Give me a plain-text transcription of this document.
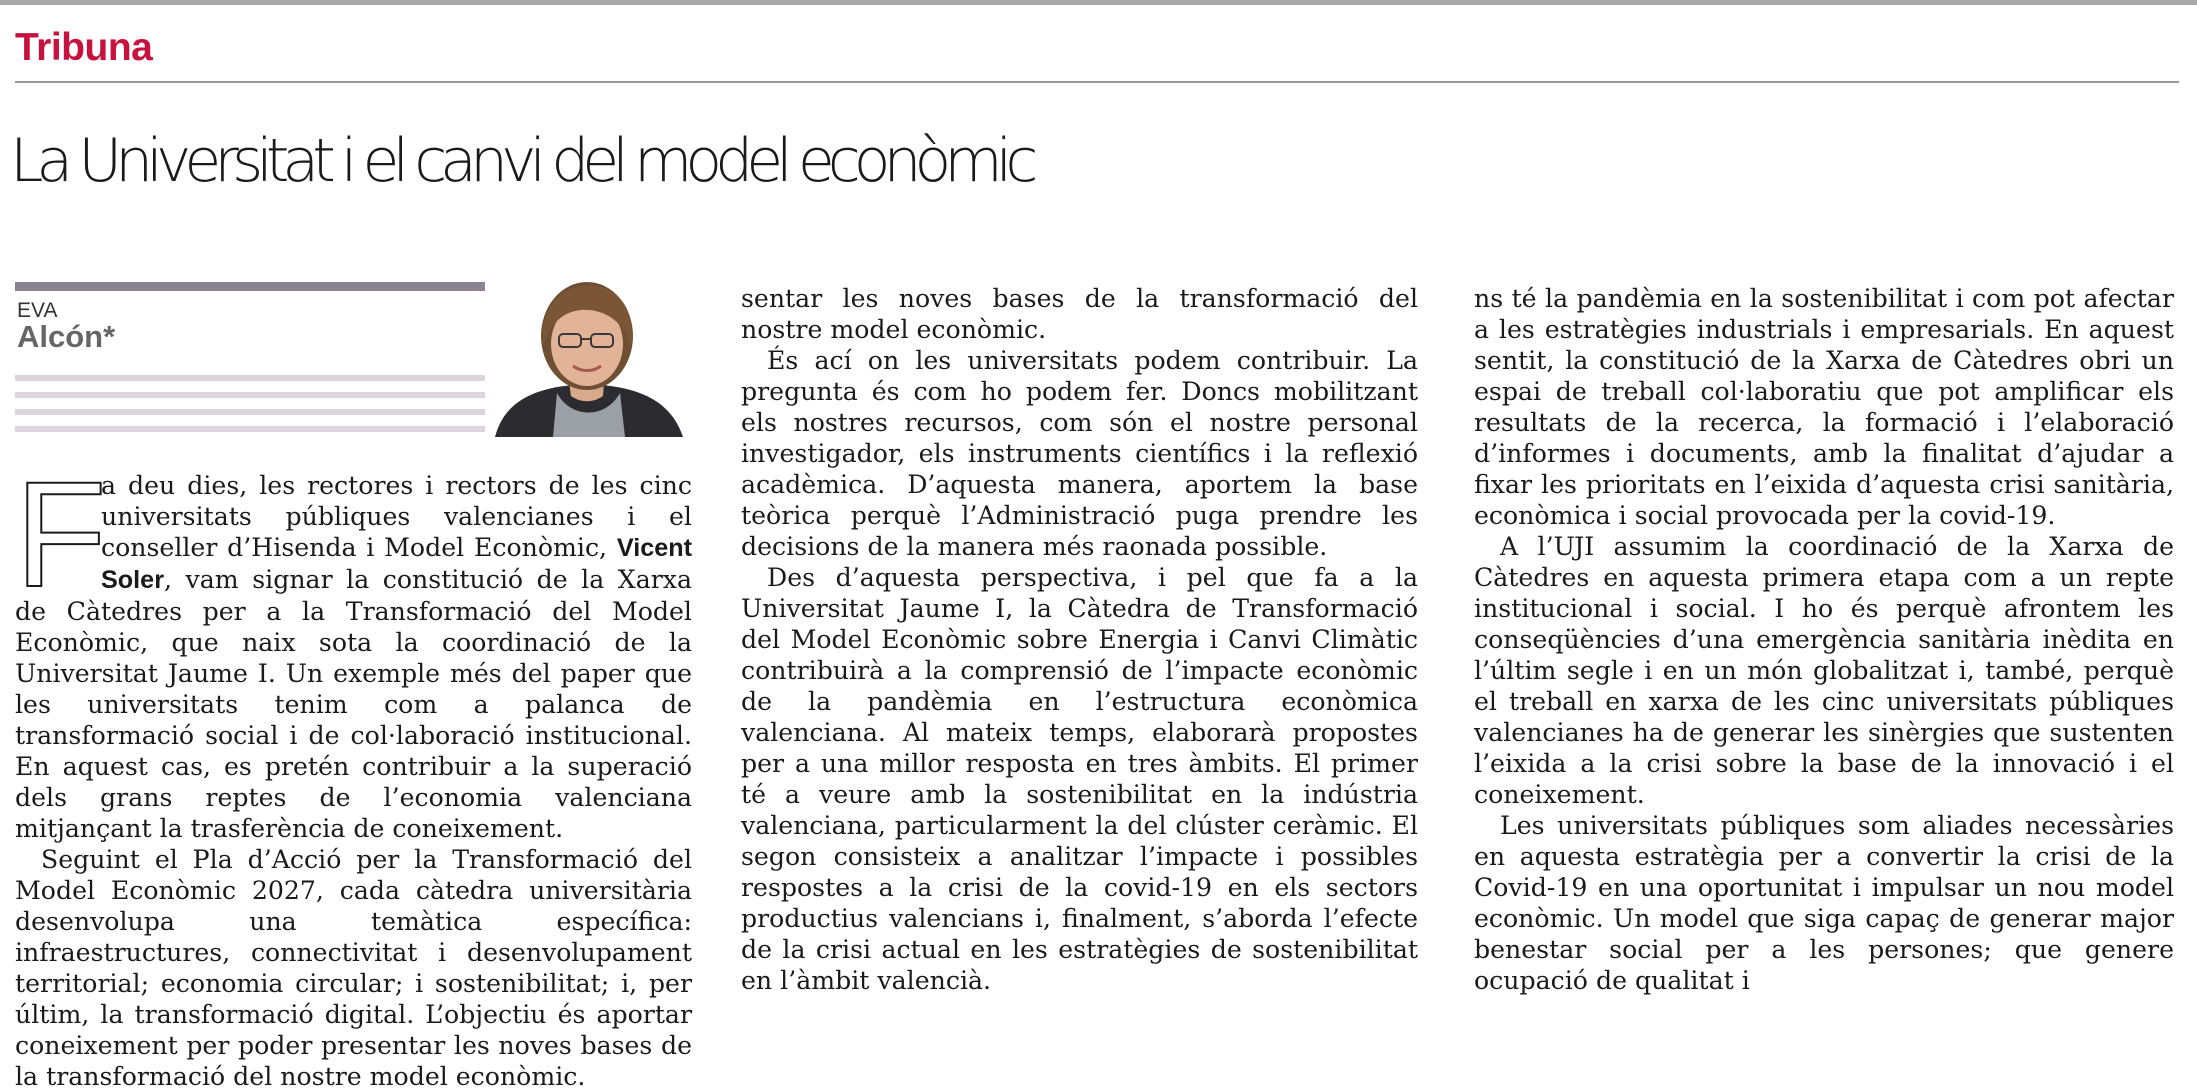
Tribuna
La Universitat i el canvi del model econòmic
EVA
Alcón*

F
a deu dies, les rectores i rectors de les cinc universitats públiques valencianes i el conseller d’Hisenda i Model Econòmic, Vicent Soler, vam signar la constitució de la Xarxa de Càtedres per a la Transformació del Model Econòmic, que naix sota la coordinació de la Universitat Jaume I. Un exemple més del paper que les universitats tenim com a palanca de transformació social i de col·laboració institucional. En aquest cas, es pretén contribuir a la superació dels grans reptes de l’economia valenciana mitjançant la trasferència de coneixement.

Seguint el Pla d’Acció per la Transformació del Model Econòmic 2027, cada càtedra universitària desenvolupa una temàtica específica: infraestructures, connectivitat i desenvolupament territorial; economia circular; i sostenibilitat; i, per últim, la transformació digital. L’objectiu és aportar coneixement per poder presentar les noves bases de la transformació del nostre model econòmic.

sentar les noves bases de la transformació del nostre model econòmic.

És ací on les universitats podem contribuir. La pregunta és com ho podem fer. Doncs mobilitzant els nostres recursos, com són el nostre personal investigador, els instruments científics i la reflexió acadèmica. D’aquesta manera, aportem la base teòrica perquè l’Administració puga prendre les decisions de la manera més raonada possible.

Des d’aquesta perspectiva, i pel que fa a la Universitat Jaume I, la Càtedra de Transformació del Model Econòmic sobre Energia i Canvi Climàtic contribuirà a la comprensió de l’impacte econòmic de la pandèmia en l’estructura econòmica valenciana. Al mateix temps, elaborarà propostes per a una millor resposta en tres àmbits. El primer té a veure amb la sostenibilitat en la indústria valenciana, particularment la del clúster ceràmic. El segon consisteix a analitzar l’impacte i possibles respostes a la crisi de la covid-19 en els sectors productius valencians i, finalment, s’aborda l’efecte de la crisi actual en les estratègies de sostenibilitat en l’àmbit valencià.

ns té la pandèmia en la sostenibilitat i com pot afectar a les estratègies industrials i empresarials. En aquest sentit, la constitució de la Xarxa de Càtedres obri un espai de treball col·laboratiu que pot amplificar els resultats de la recerca, la formació i l’elaboració d’informes i documents, amb la finalitat d’ajudar a fixar les prioritats en l’eixida d’aquesta crisi sanitària, econòmica i social provocada per la covid-19.

A l’UJI assumim la coordinació de la Xarxa de Càtedres en aquesta primera etapa com a un repte institucional i social. I ho és perquè afrontem les conseqüències d’una emergència sanitària inèdita en l’últim segle i en un món globalitzat i, també, perquè el treball en xarxa de les cinc universitats públiques valencianes ha de generar les sinèrgies que sustenten l’eixida a la crisi sobre la base de la innovació i el coneixement.

Les universitats públiques som aliades necessàries en aquesta estratègia per a convertir la crisi de la Covid-19 en una oportunitat i impulsar un nou model econòmic. Un model que siga capaç de generar major benestar social per a les persones; que genere ocupació de qualitat i
